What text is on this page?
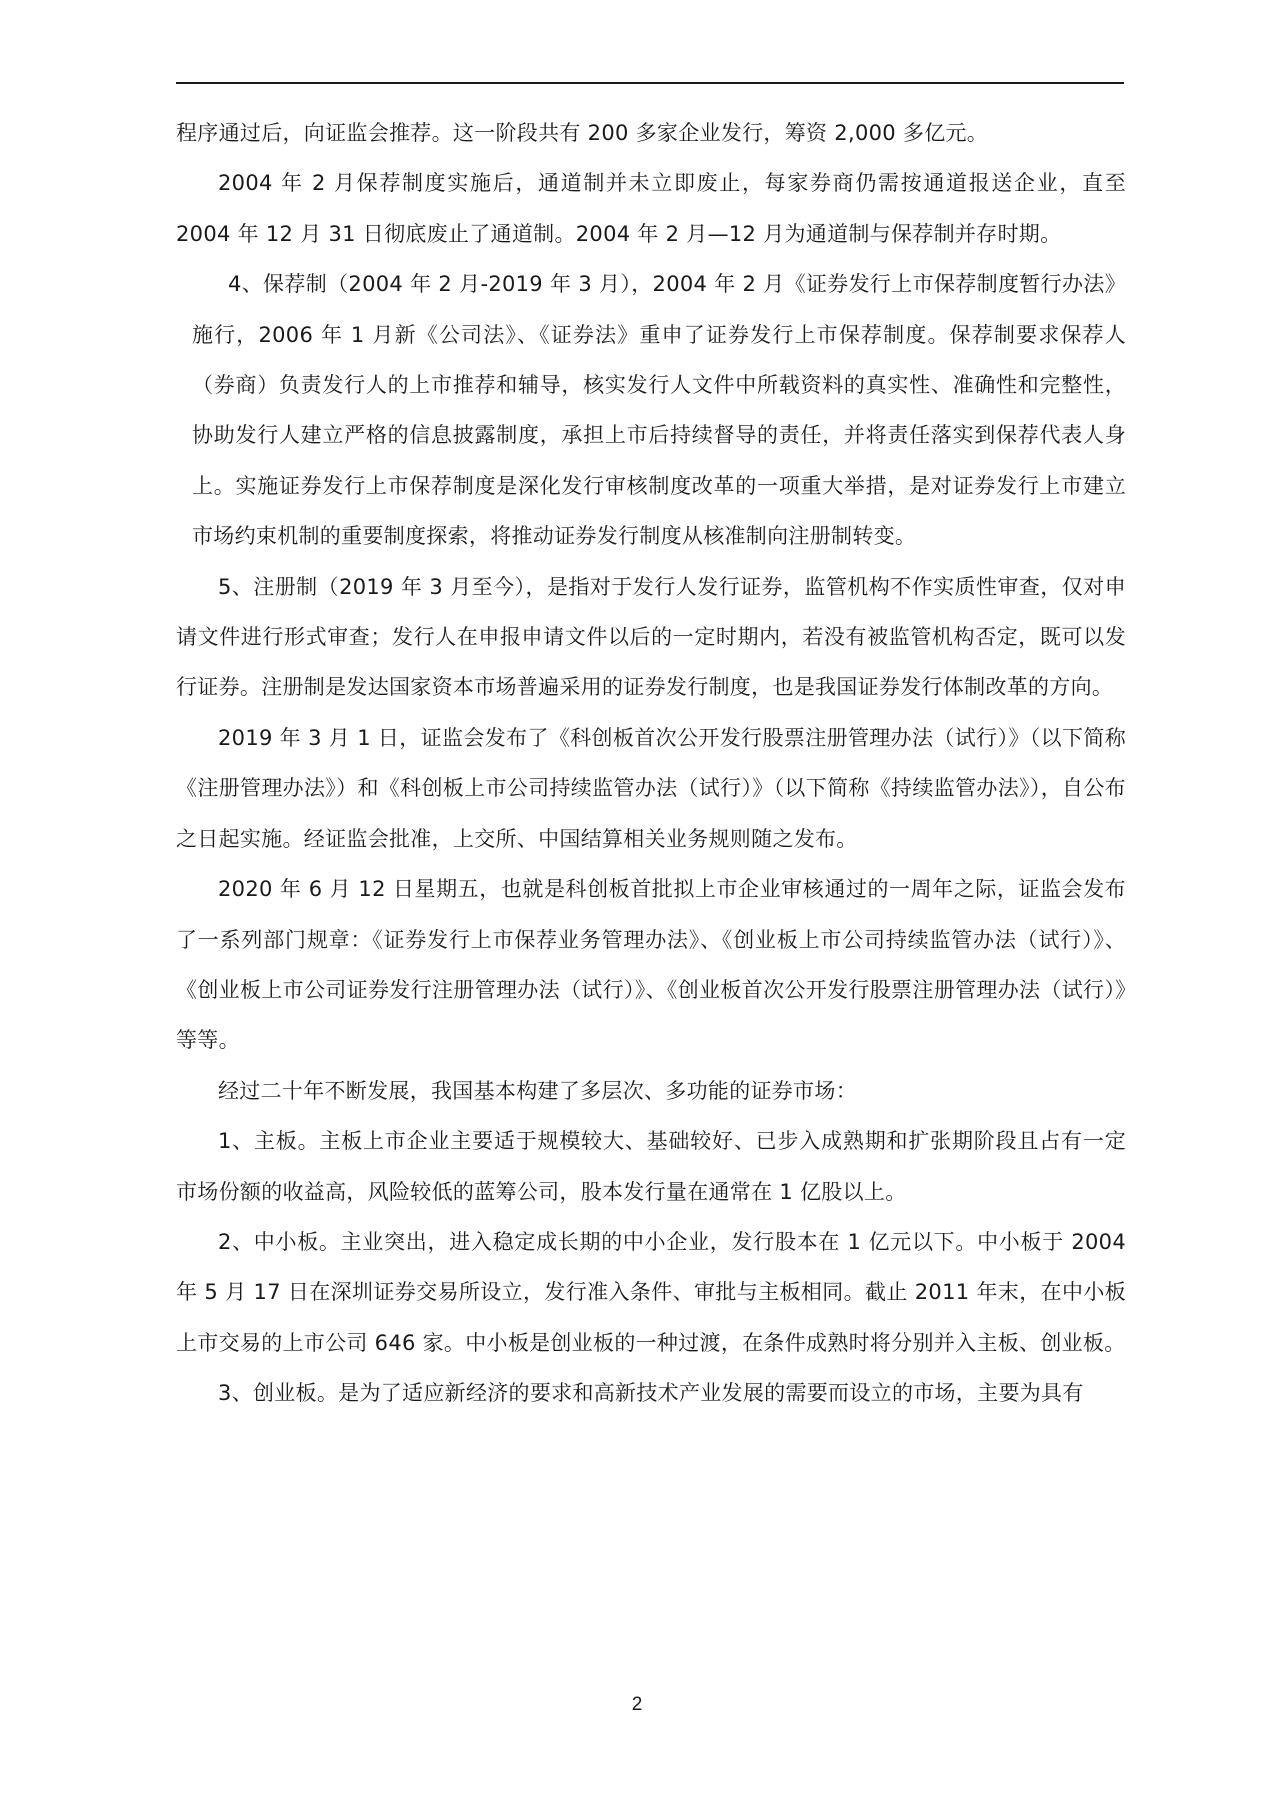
程序通过后，向证监会推荐。这一阶段共有 200 多家企业发行，筹资 2,000 多亿元。

2004 年 2 月保荐制度实施后，通道制并未立即废止，每家券商仍需按通道报送企业，直至 2004 年 12 月 31 日彻底废止了通道制。2004 年 2 月—12 月为通道制与保荐制并存时期。

4、保荐制（2004 年 2 月-2019 年 3 月），2004 年 2 月《证券发行上市保荐制度暂行办法》施行，2006 年 1 月新《公司法》、《证券法》重申了证券发行上市保荐制度。保荐制要求保荐人（券商）负责发行人的上市推荐和辅导，核实发行人文件中所载资料的真实性、准确性和完整性，协助发行人建立严格的信息披露制度，承担上市后持续督导的责任，并将责任落实到保荐代表人身上。实施证券发行上市保荐制度是深化发行审核制度改革的一项重大举措，是对证券发行上市建立市场约束机制的重要制度探索，将推动证券发行制度从核准制向注册制转变。

5、注册制（2019 年 3 月至今），是指对于发行人发行证券，监管机构不作实质性审查，仅对申请文件进行形式审查；发行人在申报申请文件以后的一定时期内，若没有被监管机构否定，既可以发行证券。注册制是发达国家资本市场普遍采用的证券发行制度，也是我国证券发行体制改革的方向。

2019 年 3 月 1 日，证监会发布了《科创板首次公开发行股票注册管理办法（试行）》（以下简称《注册管理办法》）和《科创板上市公司持续监管办法（试行）》（以下简称《持续监管办法》），自公布之日起实施。经证监会批准，上交所、中国结算相关业务规则随之发布。

2020 年 6 月 12 日星期五，也就是科创板首批拟上市企业审核通过的一周年之际，证监会发布了一系列部门规章：《证券发行上市保荐业务管理办法》、《创业板上市公司持续监管办法（试行）》、《创业板上市公司证券发行注册管理办法（试行）》、《创业板首次公开发行股票注册管理办法（试行）》等等。

经过二十年不断发展，我国基本构建了多层次、多功能的证券市场：

1、主板。主板上市企业主要适于规模较大、基础较好、已步入成熟期和扩张期阶段且占有一定市场份额的收益高，风险较低的蓝筹公司，股本发行量在通常在 1 亿股以上。

2、中小板。主业突出，进入稳定成长期的中小企业，发行股本在 1 亿元以下。中小板于 2004 年 5 月 17 日在深圳证券交易所设立，发行准入条件、审批与主板相同。截止 2011 年末，在中小板上市交易的上市公司 646 家。中小板是创业板的一种过渡，在条件成熟时将分别并入主板、创业板。

3、创业板。是为了适应新经济的要求和高新技术产业发展的需要而设立的市场，主要为具有

2
